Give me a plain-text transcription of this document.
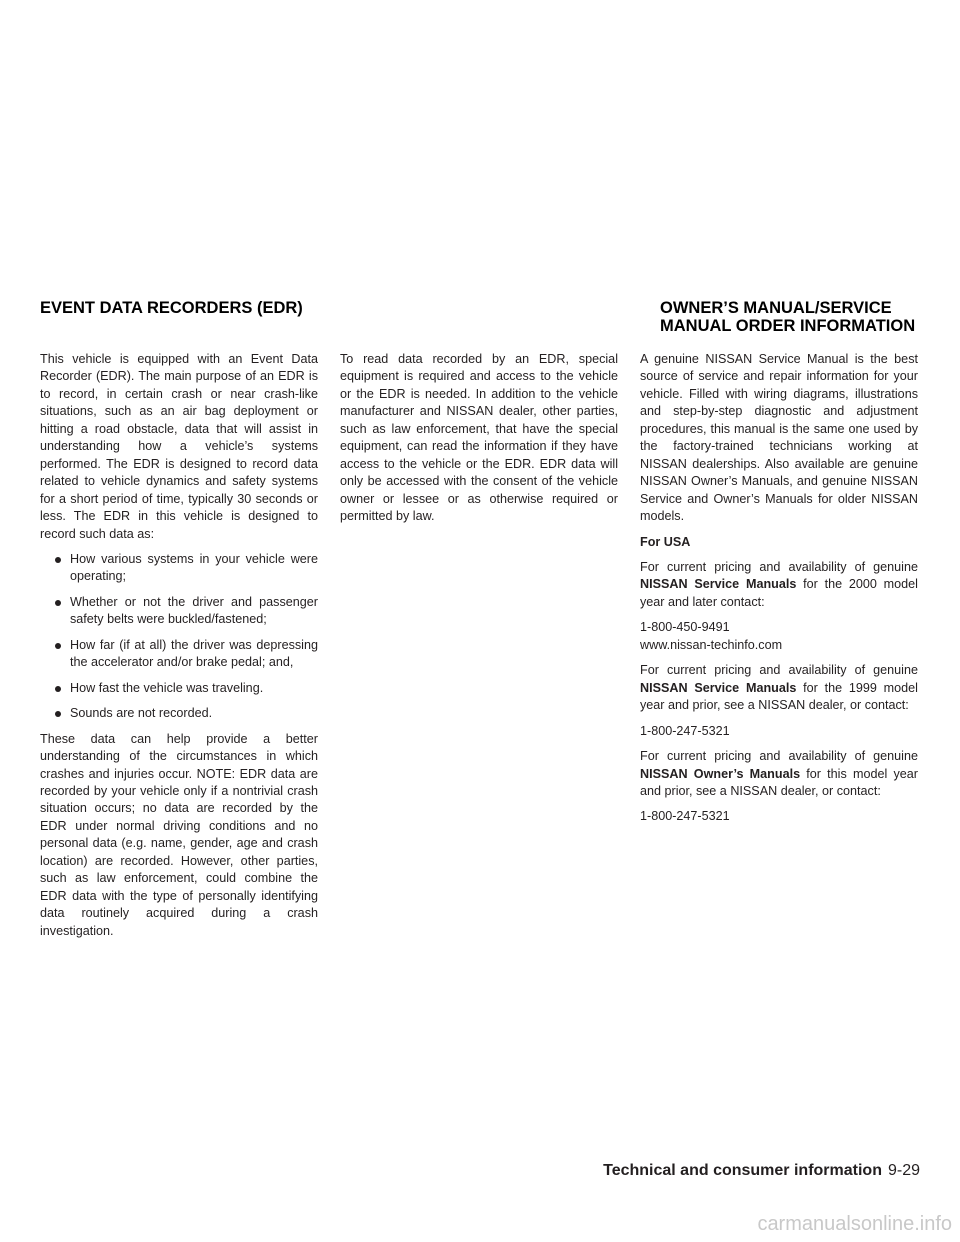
EVENT DATA RECORDERS (EDR)	OWNER’S MANUAL/SERVICE MANUAL ORDER INFORMATION

This vehicle is equipped with an Event Data Recorder (EDR). The main purpose of an EDR is to record, in certain crash or near crash-like situations, such as an air bag deployment or hitting a road obstacle, data that will assist in understanding how a vehicle’s systems performed. The EDR is designed to record data related to vehicle dynamics and safety systems for a short period of time, typically 30 seconds or less. The EDR in this vehicle is designed to record such data as:

How various systems in your vehicle were operating;
Whether or not the driver and passenger safety belts were buckled/fastened;
How far (if at all) the driver was depressing the accelerator and/or brake pedal; and,
How fast the vehicle was traveling.
Sounds are not recorded.

These data can help provide a better understanding of the circumstances in which crashes and injuries occur. NOTE: EDR data are recorded by your vehicle only if a nontrivial crash situation occurs; no data are recorded by the EDR under normal driving conditions and no personal data (e.g. name, gender, age and crash location) are recorded. However, other parties, such as law enforcement, could combine the EDR data with the type of personally identifying data routinely acquired during a crash investigation.

To read data recorded by an EDR, special equipment is required and access to the vehicle or the EDR is needed. In addition to the vehicle manufacturer and NISSAN dealer, other parties, such as law enforcement, that have the special equipment, can read the information if they have access to the vehicle or the EDR. EDR data will only be accessed with the consent of the vehicle owner or lessee or as otherwise required or permitted by law.

A genuine NISSAN Service Manual is the best source of service and repair information for your vehicle. Filled with wiring diagrams, illustrations and step-by-step diagnostic and adjustment procedures, this manual is the same one used by the factory-trained technicians working at NISSAN dealerships. Also available are genuine NISSAN Owner’s Manuals, and genuine NISSAN Service and Owner’s Manuals for older NISSAN models.

For USA

For current pricing and availability of genuine NISSAN Service Manuals for the 2000 model year and later contact:

1-800-450-9491
www.nissan-techinfo.com

For current pricing and availability of genuine NISSAN Service Manuals for the 1999 model year and prior, see a NISSAN dealer, or contact:

1-800-247-5321

For current pricing and availability of genuine NISSAN Owner’s Manuals for this model year and prior, see a NISSAN dealer, or contact:

1-800-247-5321

Technical and consumer information 9-29
carmanualsonline.info
